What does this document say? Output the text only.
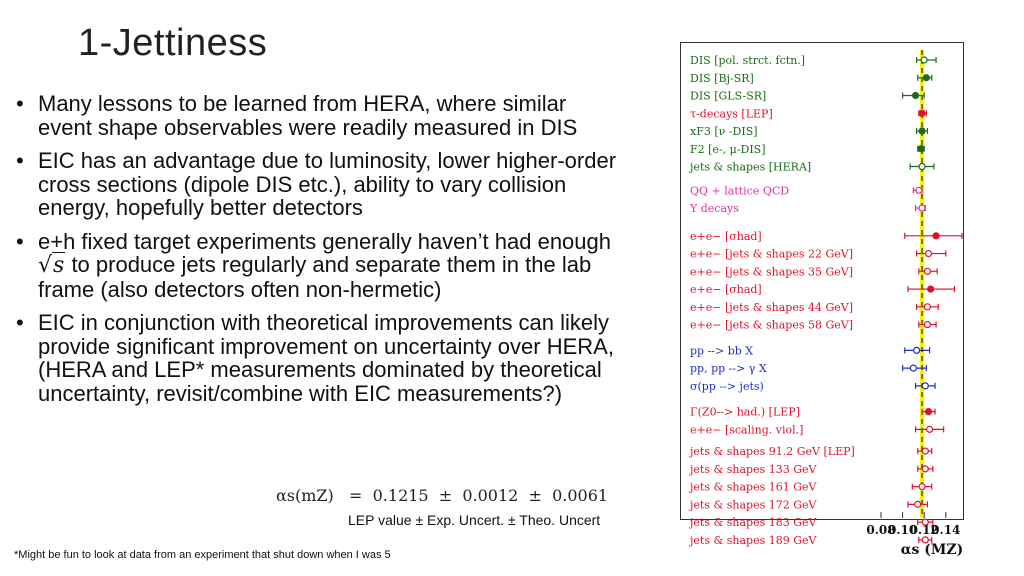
1-Jettiness
• Many lessons to be learned from HERA, where similar event shape observables were readily measured in DIS
• EIC has an advantage due to luminosity, lower higher-order cross sections (dipole DIS etc.), ability to vary collision energy, hopefully better detectors
• e+h fixed target experiments generally haven’t had enough √s to produce jets regularly and separate them in the lab frame (also detectors often non-hermetic)
• EIC in conjunction with theoretical improvements can likely provide significant improvement on uncertainty over HERA, (HERA and LEP* measurements dominated by theoretical uncertainty, revisit/combine with EIC measurements?)
αs(mZ)   =  0.1215  ±  0.0012  ±  0.0061
LEP value ± Exp. Uncert. ± Theo. Uncert
*Might be fun to look at data from an experiment that shut down when I was 5
DIS [pol. strct. fctn.]
DIS [Bj-SR]
DIS [GLS-SR]
τ-decays [LEP]
xF3 [ν -DIS]
F2 [e-, μ-DIS]
jets & shapes [HERA]
QQ + lattice QCD
Υ decays
e+e− [σhad]
e+e− [jets & shapes 22 GeV]
e+e− [jets & shapes 35 GeV]
e+e− [σhad]
e+e− [jets & shapes 44 GeV]
e+e− [jets & shapes 58 GeV]
pp --> bb X
pp, pp --> γ X
σ(pp --> jets)
Γ(Z0--> had.) [LEP]
e+e− [scaling. viol.]
jets & shapes 91.2 GeV [LEP]
jets & shapes 133 GeV
jets & shapes 161 GeV
jets & shapes 172 GeV
jets & shapes 183 GeV
jets & shapes 189 GeV
0.08
0.10
0.12
0.14
αs (MZ)
